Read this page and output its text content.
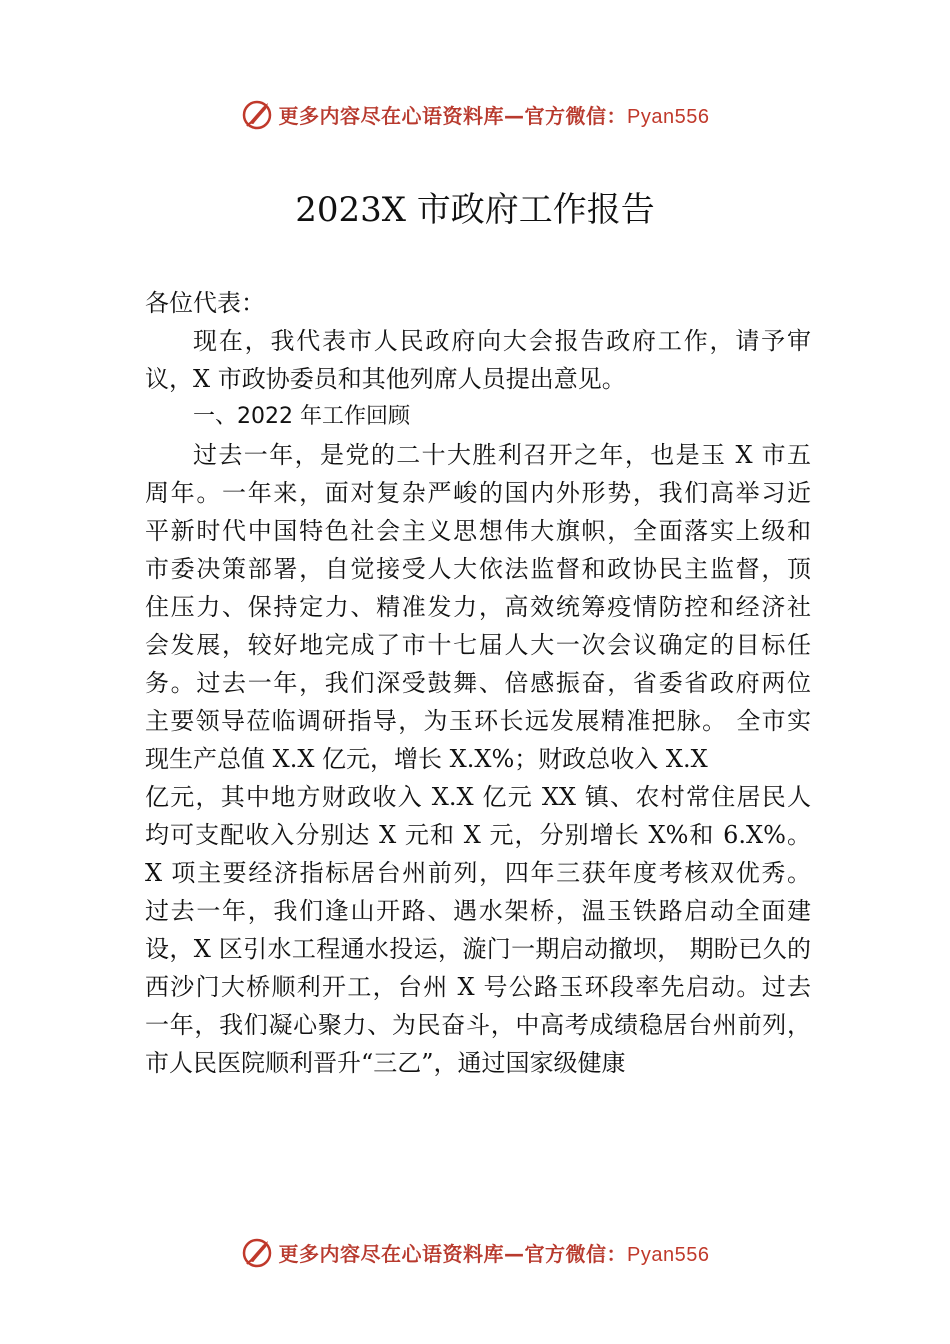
更多内容尽在心语资料库—官方微信：Pyan556
2023X 市政府工作报告
各位代表：
现在，我代表市人民政府向大会报告政府工作，请予审
议，X 市政协委员和其他列席人员提出意见。
一、2022 年工作回顾
过去一年，是党的二十大胜利召开之年，也是玉 X 市五
周年。一年来，面对复杂严峻的国内外形势，我们高举习近
平新时代中国特色社会主义思想伟大旗帜，全面落实上级和
市委决策部署，自觉接受人大依法监督和政协民主监督，顶
住压力、保持定力、精准发力，高效统筹疫情防控和经济社
会发展，较好地完成了市十七届人大一次会议确定的目标任
务。过去一年，我们深受鼓舞、倍感振奋，省委省政府两位
主要领导莅临调研指导，为玉环长远发展精准把脉。 全市实
现生产总值 X.X 亿元，增长 X.X%；财政总收入 X.X
亿元，其中地方财政收入 X.X 亿元 XX 镇、农村常住居民人
均可支配收入分别达 X 元和 X 元，分别增长 X%和 6.X%。
X 项主要经济指标居台州前列，四年三获年度考核双优秀。
过去一年，我们逢山开路、遇水架桥，温玉铁路启动全面建
设，X 区引水工程通水投运，漩门一期启动撤坝， 期盼已久的
西沙门大桥顺利开工，台州 X 号公路玉环段率先启动。过去
一年，我们凝心聚力、为民奋斗，中高考成绩稳居台州前列，
市人民医院顺利晋升“三乙”，通过国家级健康
更多内容尽在心语资料库—官方微信：Pyan556
